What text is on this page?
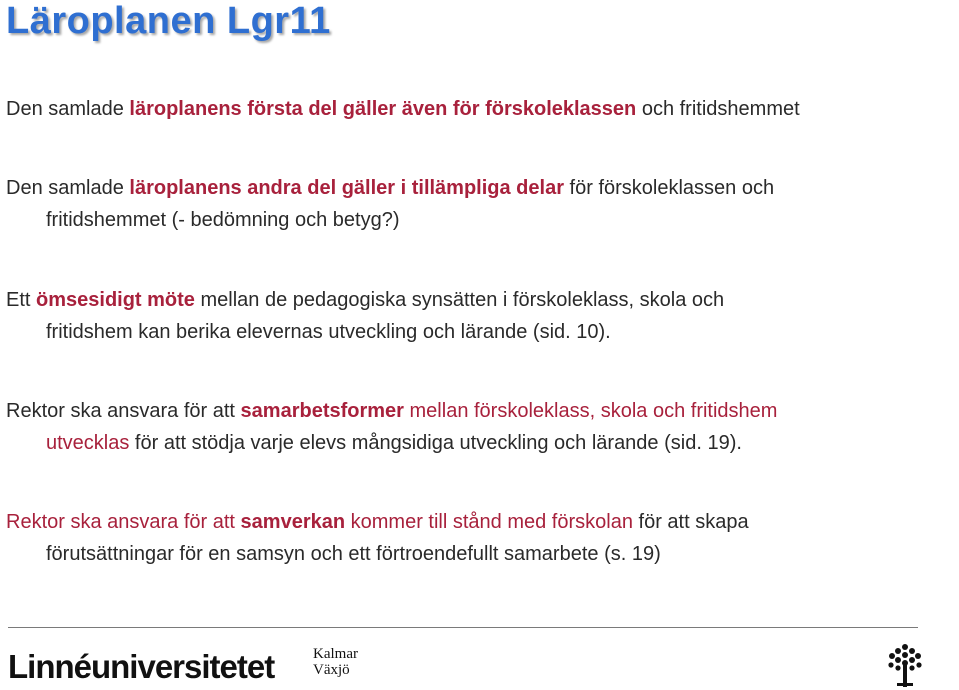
Läroplanen Lgr11
Den samlade läroplanens första del gäller även för förskoleklassen och fritidshemmet
Den samlade läroplanens andra del gäller i tillämpliga delar för förskoleklassen och
fritidshemmet (- bedömning och betyg?)
Ett ömsesidigt möte mellan de pedagogiska synsätten i förskoleklass, skola och
fritidshem kan berika elevernas utveckling och lärande (sid. 10).
Rektor ska ansvara för att samarbetsformer mellan förskoleklass, skola och fritidshem
utvecklas för att stödja varje elevs mångsidiga utveckling och lärande (sid. 19).
Rektor ska ansvara för att samverkan kommer till stånd med förskolan för att skapa
förutsättningar för en samsyn och ett förtroendefullt samarbete (s. 19)
Linnéuniversitetet	Kalmar
Växjö
